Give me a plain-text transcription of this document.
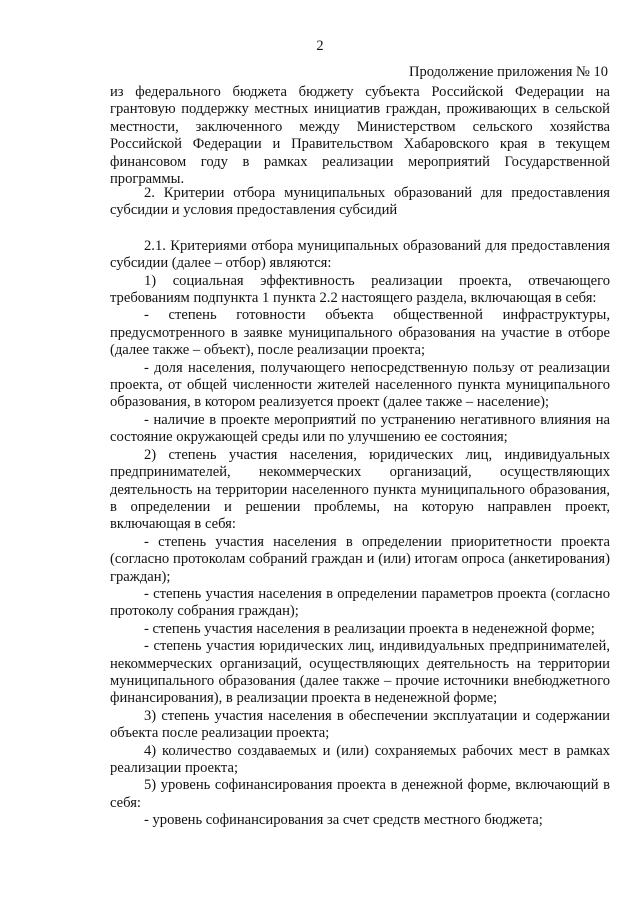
2
Продолжение приложения № 10

из федерального бюджета бюджету субъекта Российской Федерации на грантовую поддержку местных инициатив граждан, проживающих в сельской местности, заключенного между Министерством сельского хозяйства Российской Федерации и Правительством Хабаровского края в текущем финансовом году в рамках реализации мероприятий Государственной программы.

2. Критерии отбора муниципальных образований для предоставления субсидии и условия предоставления субсидий

2.1. Критериями отбора муниципальных образований для предоставления субсидии (далее – отбор) являются:

1) социальная эффективность реализации проекта, отвечающего требованиям подпункта 1 пункта 2.2 настоящего раздела, включающая в себя:

- степень готовности объекта общественной инфраструктуры, предусмотренного в заявке муниципального образования на участие в отборе (далее также – объект), после реализации проекта;

- доля населения, получающего непосредственную пользу от реализации проекта, от общей численности жителей населенного пункта муниципального образования, в котором реализуется проект (далее также – население);

- наличие в проекте мероприятий по устранению негативного влияния на состояние окружающей среды или по улучшению ее состояния;

2) степень участия населения, юридических лиц, индивидуальных предпринимателей, некоммерческих организаций, осуществляющих деятельность на территории населенного пункта муниципального образования, в определении и решении проблемы, на которую направлен проект, включающая в себя:

- степень участия населения в определении приоритетности проекта (согласно протоколам собраний граждан и (или) итогам опроса (анкетирования) граждан);

- степень участия населения в определении параметров проекта (согласно протоколу собрания граждан);

- степень участия населения в реализации проекта в неденежной форме;

- степень участия юридических лиц, индивидуальных предпринимателей, некоммерческих организаций, осуществляющих деятельность на территории муниципального образования (далее также – прочие источники внебюджетного финансирования), в реализации проекта в неденежной форме;

3) степень участия населения в обеспечении эксплуатации и содержании объекта после реализации проекта;

4) количество создаваемых и (или) сохраняемых рабочих мест в рамках реализации проекта;

5) уровень софинансирования проекта в денежной форме, включающий в себя:

- уровень софинансирования за счет средств местного бюджета;
